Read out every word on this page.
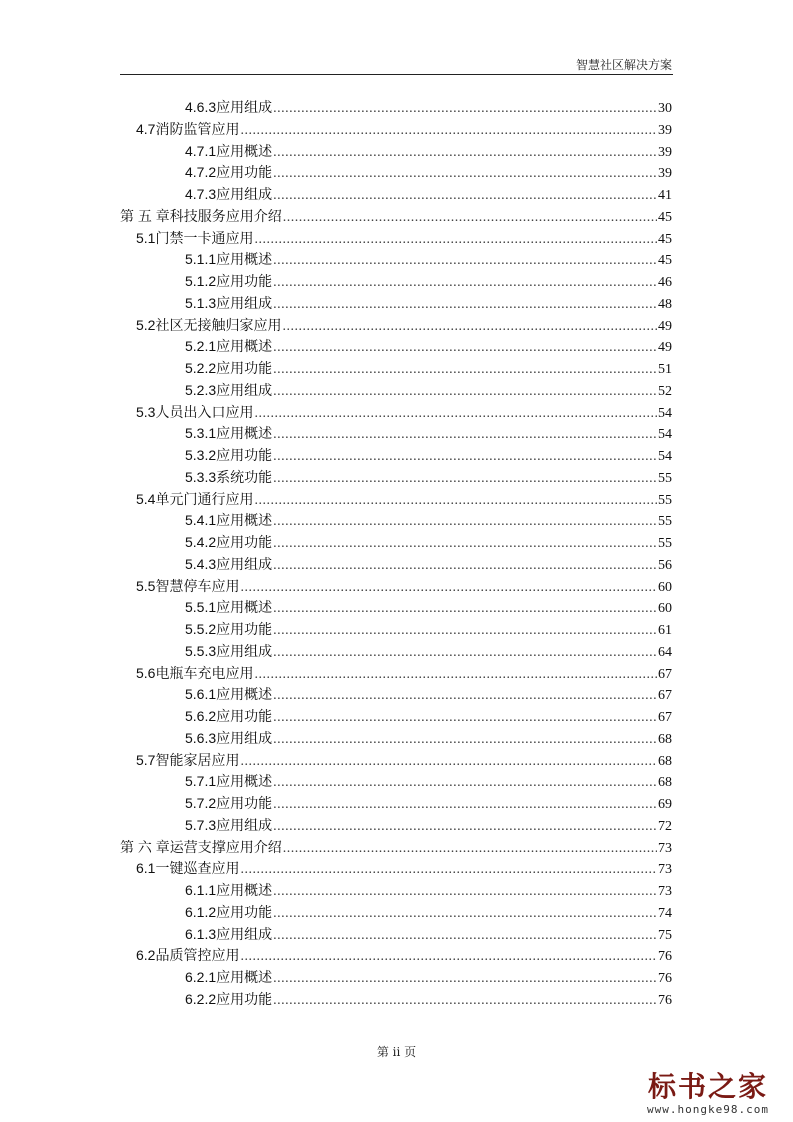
智慧社区解决方案
4.6.3 应用组成 .....	30
4.7 消防监管应用 .....	39
4.7.1 应用概述 .....	39
4.7.2 应用功能 .....	39
4.7.3 应用组成 .....	41
第 五 章 科技服务应用介绍 .....	45
5.1 门禁一卡通应用 .....	45
5.1.1 应用概述 .....	45
5.1.2 应用功能 .....	46
5.1.3 应用组成 .....	48
5.2 社区无接触归家应用 .....	49
5.2.1 应用概述 .....	49
5.2.2 应用功能 .....	51
5.2.3 应用组成 .....	52
5.3 人员出入口应用 .....	54
5.3.1 应用概述 .....	54
5.3.2 应用功能 .....	54
5.3.3 系统功能 .....	55
5.4 单元门通行应用 .....	55
5.4.1 应用概述 .....	55
5.4.2 应用功能 .....	55
5.4.3 应用组成 .....	56
5.5 智慧停车应用 .....	60
5.5.1 应用概述 .....	60
5.5.2 应用功能 .....	61
5.5.3 应用组成 .....	64
5.6 电瓶车充电应用 .....	67
5.6.1 应用概述 .....	67
5.6.2 应用功能 .....	67
5.6.3 应用组成 .....	68
5.7 智能家居应用 .....	68
5.7.1 应用概述 .....	68
5.7.2 应用功能 .....	69
5.7.3 应用组成 .....	72
第 六 章 运营支撑应用介绍 .....	73
6.1 一键巡查应用 .....	73
6.1.1 应用概述 .....	73
6.1.2 应用功能 .....	74
6.1.3 应用组成 .....	75
6.2 品质管控应用 .....	76
6.2.1 应用概述 .....	76
6.2.2 应用功能 .....	76
第 ii 页
标书之家
www.hongke98.com
